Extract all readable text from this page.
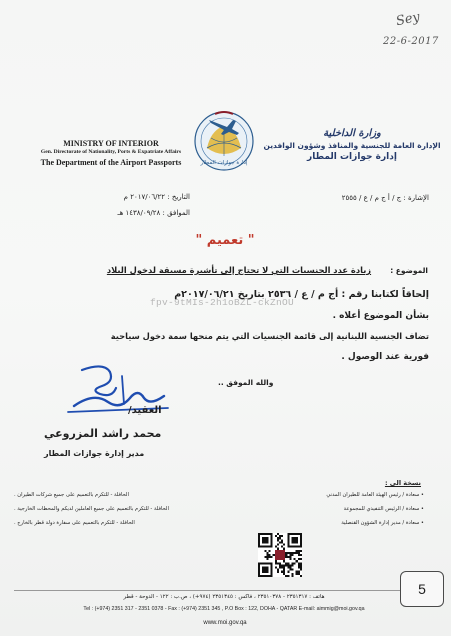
Sey
22-6-2017
MINISTRY OF INTERIOR
Gen. Directorate of Nationality, Ports & Expatriate Affairs
The Department of the Airport Passports	إدارة جوازات المطار
وزارة الداخلية
الإدارة العامة للجنسية والمنافذ وشؤون الوافدين
إدارة جوازات المطار
الإشارة : ج / أ ج م / ع / ٢٥٥٥
التاريخ : ٢٠١٧/٠٦/٢٢ م
الموافق : ١٤٣٨/٠٩/٢٨ هـ
" تعميم "
الموضوع : زيادة عدد الجنسيات التي لا تحتاج إلى تأشيرة مسبقة لدخول البلاد
إلحاقاً لكتابنا رقم : أج م / ع / ٢٥٣٦ بتاريخ ٢٠١٧/٠٦/٢١م
fpv-9tMIs-2h1oBZL-ckZnOU
بشأن الموضوع أعلاه .
تضاف الجنسية اللبنانية إلى قائمة الجنسيات التي يتم منحها سمة دخول سياحية
فورية عند الوصول .
والله الموفق ..
العقيد/
محمد راشد المزروعي
مدير إدارة جوازات المطار
نسخة الى :
• سعادة / رئيس الهيئة العامة للطيران المدني
الحافلة - للتكرم بالتعميم على جميع شركات الطيران .
• سعادة / الرئيس التنفيذي للمجموعة
الحافلة - للتكرم بالتعميم على جميع العاملين لديكم والمحطات الخارجية .
• سعادة / مدير إدارة الشؤون القنصلية
الحافلة - للتكرم بالتعميم على سفارة دولة قطر بالخارج .
هاتف : ٢٣٥١٣١٧ - ٢٣٥١٠٣٧٨ ، فاكس : ٢٣٥١٣٤٥ (٩٧٤+) ، ص.ب : ١٢٢ - الدوحة - قطر
Tel : (+974) 2351 317 - 2351 0378 - Fax : (+974) 2351 345 , P.O Box : 122, DOHA - QATAR E-mail: aimmig@moi.gov.qa
www.moi.gov.qa
5
